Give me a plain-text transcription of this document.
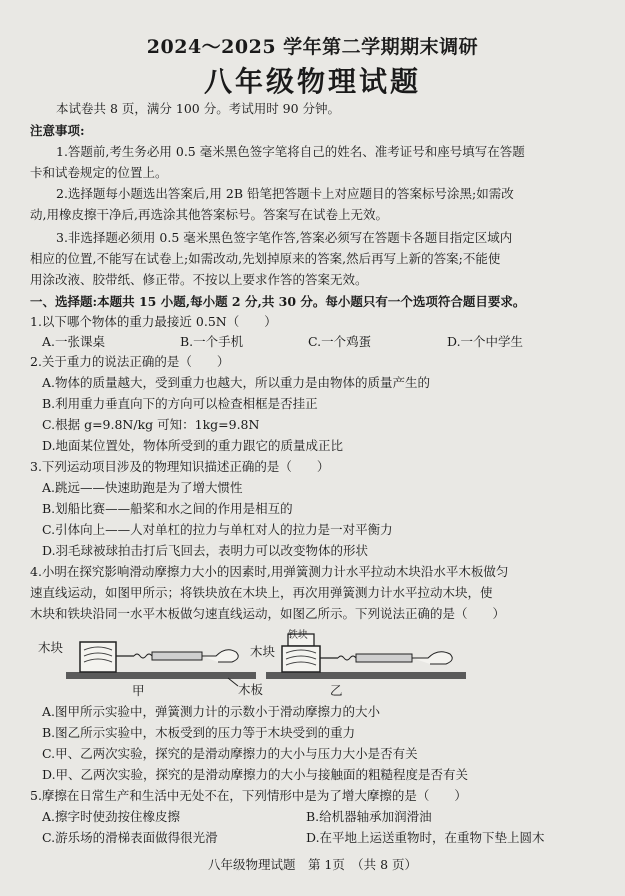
2024～2025 学年第二学期期末调研
八年级物理试题
本试卷共 8 页，满分 100 分。考试用时 90 分钟。
注意事项:
1.答题前,考生务必用 0.5 毫米黑色签字笔将自己的姓名、准考证号和座号填写在答题
卡和试卷规定的位置上。
2.选择题每小题选出答案后,用 2B 铅笔把答题卡上对应题目的答案标号涂黑;如需改
动,用橡皮擦干净后,再选涂其他答案标号。答案写在试卷上无效。
3.非选择题必须用 0.5 毫米黑色签字笔作答,答案必须写在答题卡各题目指定区域内
相应的位置,不能写在试卷上;如需改动,先划掉原来的答案,然后再写上新的答案;不能使
用涂改液、胶带纸、修正带。不按以上要求作答的答案无效。
一、选择题:本题共 15 小题,每小题 2 分,共 30 分。每小题只有一个选项符合题目要求。
1.以下哪个物体的重力最接近 0.5N（　　）
A.一张课桌	B.一个手机	C.一个鸡蛋	D.一个中学生
2.关于重力的说法正确的是（　　）
A.物体的质量越大，受到重力也越大，所以重力是由物体的质量产生的
B.利用重力垂直向下的方向可以检查相框是否挂正
C.根据 g=9.8N/kg 可知：1kg=9.8N
D.地面某位置处，物体所受到的重力跟它的质量成正比
3.下列运动项目涉及的物理知识描述正确的是（　　）
A.跳远——快速助跑是为了增大惯性
B.划船比赛——船桨和水之间的作用是相互的
C.引体向上——人对单杠的拉力与单杠对人的拉力是一对平衡力
D.羽毛球被球拍击打后飞回去，表明力可以改变物体的形状
4.小明在探究影响滑动摩擦力大小的因素时,用弹簧测力计水平拉动木块沿水平木板做匀
速直线运动，如图甲所示；将铁块放在木块上，再次用弹簧测力计水平拉动木块，使
木块和铁块沿同一水平木板做匀速直线运动，如图乙所示。下列说法正确的是（　　）
木块	木块
铁块
木板
甲	乙
A.图甲所示实验中，弹簧测力计的示数小于滑动摩擦力的大小
B.图乙所示实验中，木板受到的压力等于木块受到的重力
C.甲、乙两次实验，探究的是滑动摩擦力的大小与压力大小是否有关
D.甲、乙两次实验，探究的是滑动摩擦力的大小与接触面的粗糙程度是否有关
5.摩擦在日常生产和生活中无处不在，下列情形中是为了增大摩擦的是（　　）
A.擦字时使劲按住橡皮擦	B.给机器轴承加润滑油
C.游乐场的滑梯表面做得很光滑	D.在平地上运送重物时，在重物下垫上圆木
八年级物理试题　第 1页　（共 8 页）
